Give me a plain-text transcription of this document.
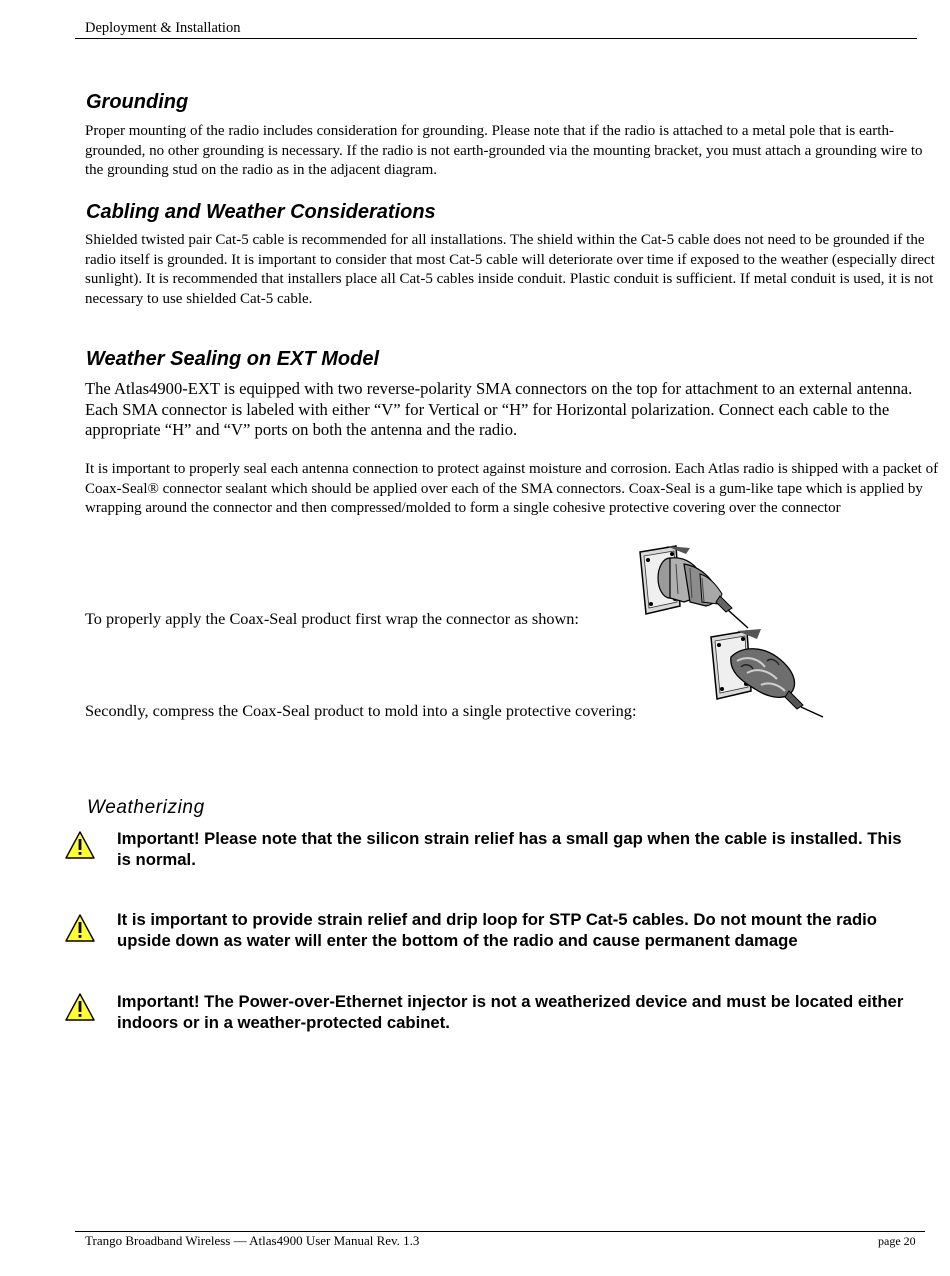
Deployment & Installation
Grounding

Proper mounting of the radio includes consideration for grounding. Please note that if the radio is attached to a metal pole that is earth-grounded, no other grounding is necessary. If the radio is not earth-grounded via the mounting bracket, you must attach a grounding wire to the grounding stud on the radio as in the adjacent diagram.

Cabling and Weather Considerations

Shielded twisted pair Cat-5 cable is recommended for all installations. The shield within the Cat-5 cable does not need to be grounded if the radio itself is grounded. It is important to consider that most Cat-5 cable will deteriorate over time if exposed to the weather (especially direct sunlight). It is recommended that installers place all Cat-5 cables inside conduit. Plastic conduit is sufficient. If metal conduit is used, it is not necessary to use shielded Cat-5 cable.

Weather Sealing on EXT Model

The Atlas4900-EXT is equipped with two reverse-polarity SMA connectors on the top for attachment to an external antenna. Each SMA connector is labeled with either “V” for Vertical or “H” for Horizontal polarization. Connect each cable to the appropriate “H” and “V” ports on both the antenna and the radio.

It is important to properly seal each antenna connection to protect against moisture and corrosion. Each Atlas radio is shipped with a packet of Coax-Seal® connector sealant which should be applied over each of the SMA connectors. Coax-Seal is a gum-like tape which is applied by wrapping around the connector and then compressed/molded to form a single cohesive protective covering over the connector

To properly apply the Coax-Seal product first wrap the connector as shown:

Secondly, compress the Coax-Seal product to mold into a single protective covering:

Weatherizing

Important! Please note that the silicon strain relief has a small gap when the cable is installed. This is normal.

It is important to provide strain relief and drip loop for STP Cat-5 cables. Do not mount the radio upside down as water will enter the bottom of the radio and cause permanent damage

Important! The Power-over-Ethernet injector is not a weatherized device and must be located either indoors or in a weather-protected cabinet.

Trango Broadband Wireless — Atlas4900 User Manual Rev. 1.3	page 20
